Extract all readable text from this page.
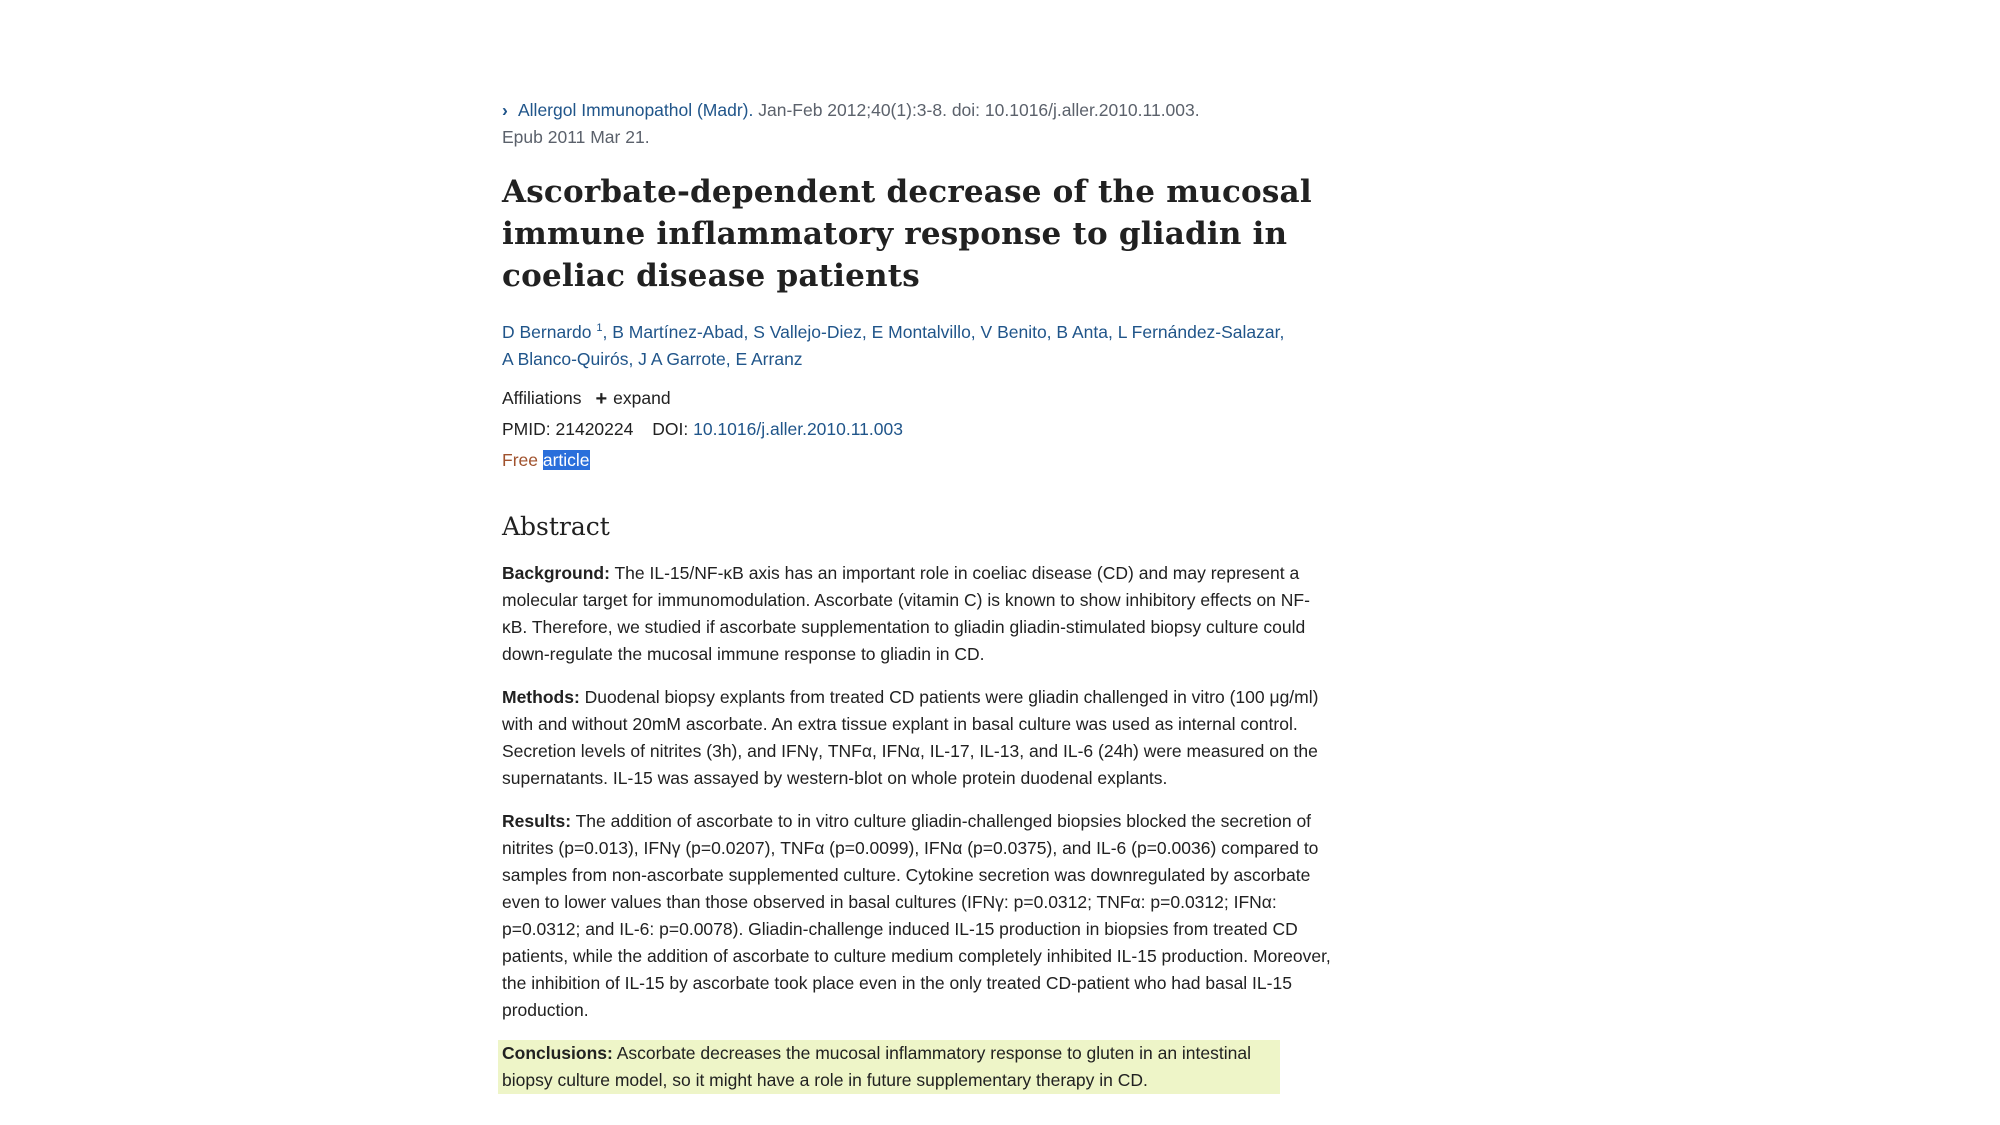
› Allergol Immunopathol (Madr). Jan-Feb 2012;40(1):3-8. doi: 10.1016/j.aller.2010.11.003.
Epub 2011 Mar 21.
Ascorbate-dependent decrease of the mucosal immune inflammatory response to gliadin in coeliac disease patients
D Bernardo $^1$, B Martínez-Abad, S Vallejo-Diez, E Montalvillo, V Benito, B Anta, L Fernández-Salazar,
A Blanco-Quirós, J A Garrote, E Arranz
Affiliations + expand
PMID: 21420224 DOI: 10.1016/j.aller.2010.11.003
Free article
Abstract

Background: The IL-15/NF-κB axis has an important role in coeliac disease (CD) and may represent a molecular target for immunomodulation. Ascorbate (vitamin C) is known to show inhibitory effects on NF-κB. Therefore, we studied if ascorbate supplementation to gliadin gliadin-stimulated biopsy culture could down-regulate the mucosal immune response to gliadin in CD.

Methods: Duodenal biopsy explants from treated CD patients were gliadin challenged in vitro (100 μg/ml) with and without 20mM ascorbate. An extra tissue explant in basal culture was used as internal control. Secretion levels of nitrites (3h), and IFNγ, TNFα, IFNα, IL-17, IL-13, and IL-6 (24h) were measured on the supernatants. IL-15 was assayed by western-blot on whole protein duodenal explants.

Results: The addition of ascorbate to in vitro culture gliadin-challenged biopsies blocked the secretion of nitrites (p=0.013), IFNγ (p=0.0207), TNFα (p=0.0099), IFNα (p=0.0375), and IL-6 (p=0.0036) compared to samples from non-ascorbate supplemented culture. Cytokine secretion was downregulated by ascorbate even to lower values than those observed in basal cultures (IFNγ: p=0.0312; TNFα: p=0.0312; IFNα: p=0.0312; and IL-6: p=0.0078). Gliadin-challenge induced IL-15 production in biopsies from treated CD patients, while the addition of ascorbate to culture medium completely inhibited IL-15 production. Moreover, the inhibition of IL-15 by ascorbate took place even in the only treated CD-patient who had basal IL-15 production.

Conclusions: Ascorbate decreases the mucosal inflammatory response to gluten in an intestinal biopsy culture model, so it might have a role in future supplementary therapy in CD.
